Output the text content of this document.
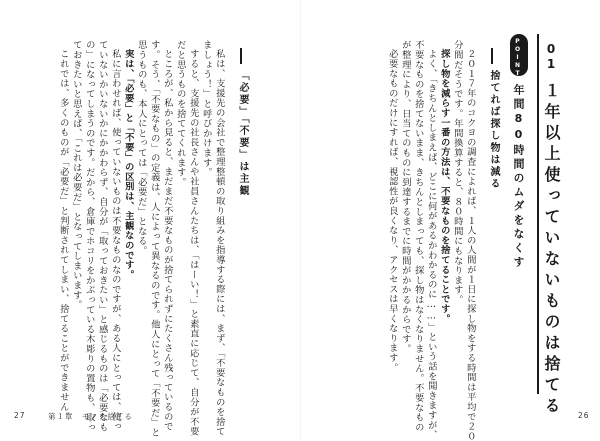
01
１年以上使っていないものは捨てる
POINT
年間80時間のムダをなくす
捨てれば探し物は減る
２０１７年のコクヨの調査によれば、１人の人間が１日に探し物をする時間は平均で２０
分間だそうです。年間換算すると、８０時間にもなります。
探し物を減らす一番の方法は、不要なものを捨てることです。
よく、「きちんとしまえば、どこに何があるかわかるのに……」という話を聞きますが、
不要なものを捨てないまま、きちんとしまっても、探し物はなくなりません。不要なもの
が整理により、日当てのものに到達するまでに時間がかかるからです。
必要なものだけにすれば、視認性が良くなり、アクセスは早くなります。
26
「必要」「不要」は主観
私は、支援先の会社で整理整頓の取り組みを指導する際には、まず、「不要なものを捨て
ましょう！」と呼びかけます。
すると、支援先の社長さんや社員さんたちは、「はーい！」と素直に応じて、自分が不要
だと思うものを捨ててくれます。
ところが、私から見ると、まだまだ不要なものが捨てられずにたくさん残っているので
す。そう、「不要なもの」の定義は、人によって異なるのです。他人にとって「不要だ」と
思うものも、本人にとっては「必要だ」となる。
実は、「必要」と「不要」の区別は、主観なのです。
私に言わせれば、使っていないものは不要なものなのですが、ある人にとっては、使っ
ていないかいないかにかかわらず、自分が「取っておきたい」と感じるものは「必要なも
の」になってしまうのです。だから、倉庫でホコリをかぶっている木彫りの置物も、取っ
ておきたいと思えば、「これは必要だ」となってしまいます。
これでは、多くのものが「必要だ」と判断されてしまい、捨てることができません。
27	第１章　モノを捨てる
